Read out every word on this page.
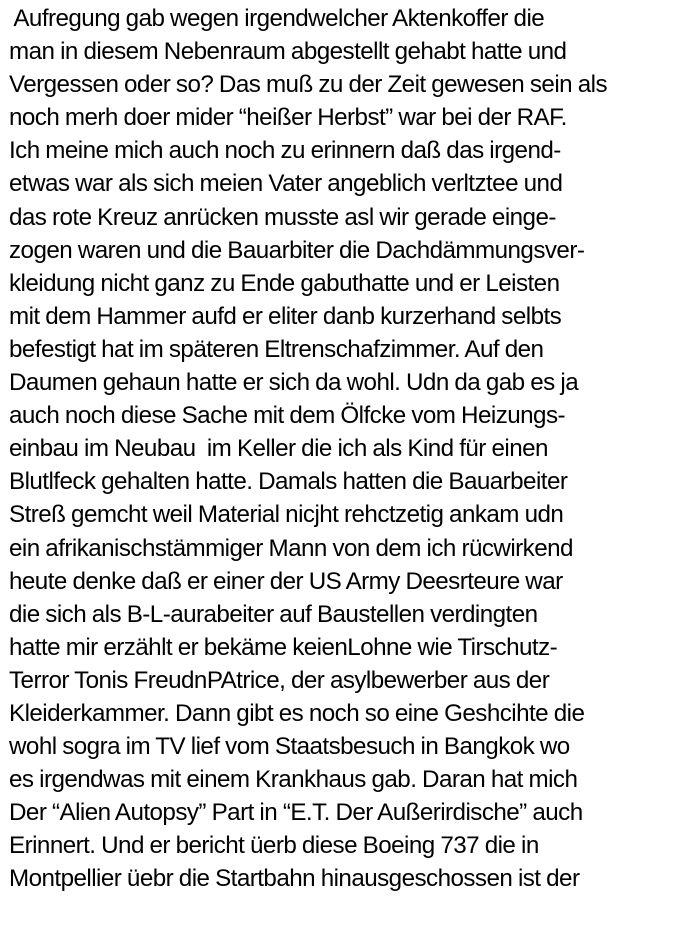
Aufregung gab wegen irgendwelcher Aktenkoffer die
man in diesem Nebenraum abgestellt gehabt hatte und
Vergessen oder so? Das muß zu der Zeit gewesen sein als
noch merh doer mider “heißer Herbst” war bei der RAF.
Ich meine mich auch noch zu erinnern daß das irgend-
etwas war als sich meien Vater angeblich verltztee und
das rote Kreuz anrücken musste asl wir gerade einge-
zogen waren und die Bauarbiter die Dachdämmungsver-
kleidung nicht ganz zu Ende gabuthatte und er Leisten
mit dem Hammer aufd er eliter danb kurzerhand selbts
befestigt hat im späteren Eltrenschafzimmer. Auf den
Daumen gehaun hatte er sich da wohl. Udn da gab es ja
auch noch diese Sache mit dem Ölfcke vom Heizungs-
einbau im Neubau  im Keller die ich als Kind für einen
Blutlfeck gehalten hatte. Damals hatten die Bauarbeiter
Streß gemcht weil Material nicjht rehctzetig ankam udn
ein afrikanischstämmiger Mann von dem ich rücwirkend
heute denke daß er einer der US Army Deesrteure war
die sich als B-L-aurabeiter auf Baustellen verdingten
hatte mir erzählt er bekäme keienLohne wie Tirschutz-
Terror Tonis FreudnPAtrice, der asylbewerber aus der
Kleiderkammer. Dann gibt es noch so eine Geshcihte die
wohl sogra im TV lief vom Staatsbesuch in Bangkok wo
es irgendwas mit einem Krankhaus gab. Daran hat mich
Der “Alien Autopsy” Part in “E.T. Der Außerirdische” auch
Erinnert. Und er bericht üerb diese Boeing 737 die in
Montpellier üebr die Startbahn hinausgeschossen ist der
